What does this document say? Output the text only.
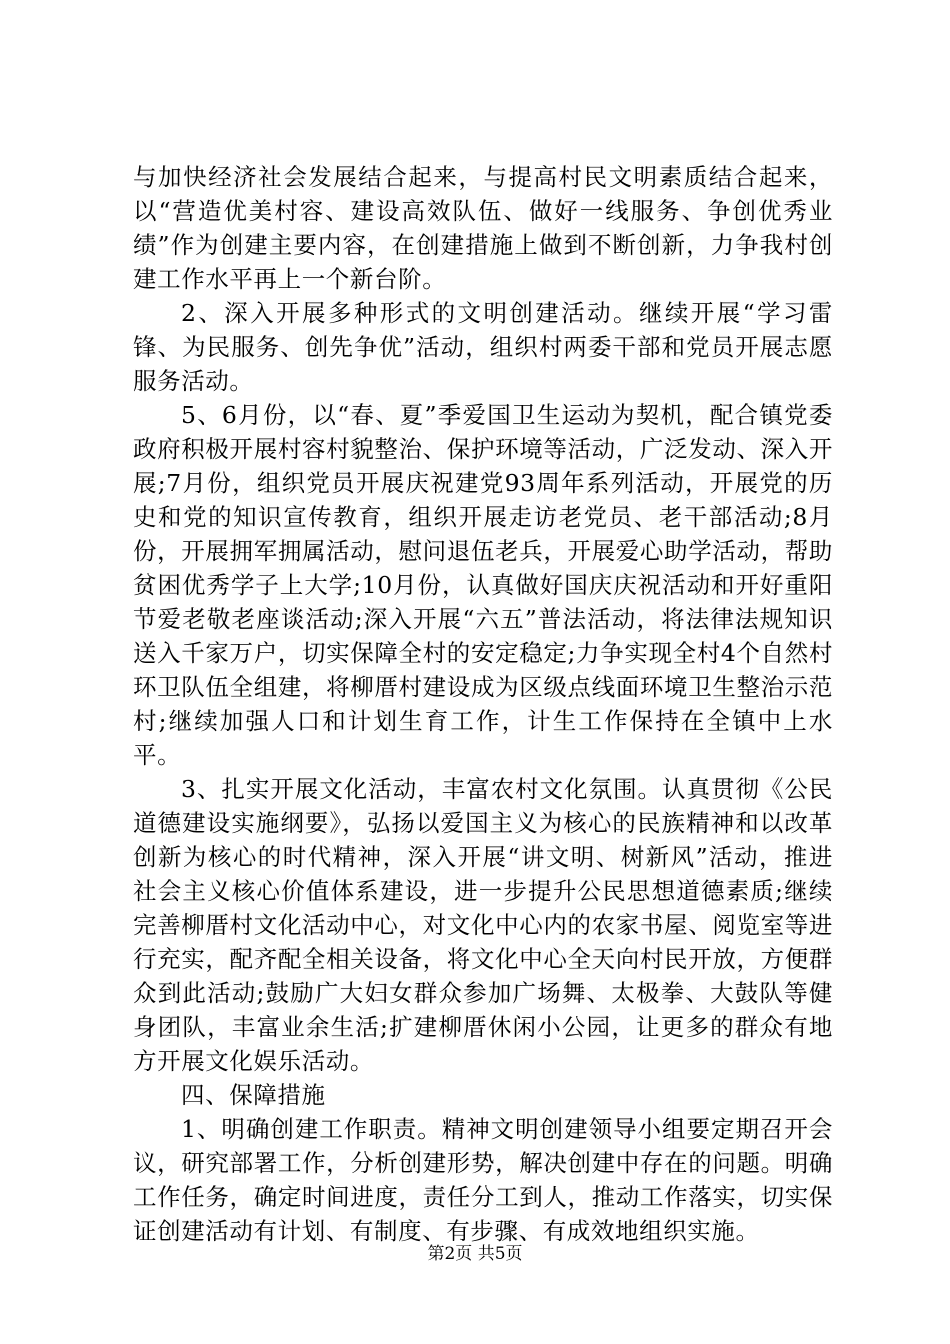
与加快经济社会发展结合起来，与提高村民文明素质结合起来，以“营造优美村容、建设高效队伍、做好一线服务、争创优秀业绩”作为创建主要内容，在创建措施上做到不断创新，力争我村创建工作水平再上一个新台阶。

2、深入开展多种形式的文明创建活动。继续开展“学习雷锋、为民服务、创先争优”活动，组织村两委干部和党员开展志愿服务活动。

5、6月份，以“春、夏”季爱国卫生运动为契机，配合镇党委政府积极开展村容村貌整治、保护环境等活动，广泛发动、深入开展;7月份，组织党员开展庆祝建党93周年系列活动，开展党的历史和党的知识宣传教育，组织开展走访老党员、老干部活动;8月份，开展拥军拥属活动，慰问退伍老兵，开展爱心助学活动，帮助贫困优秀学子上大学;10月份，认真做好国庆庆祝活动和开好重阳节爱老敬老座谈活动;深入开展“六五”普法活动，将法律法规知识送入千家万户，切实保障全村的安定稳定;力争实现全村4个自然村环卫队伍全组建，将柳厝村建设成为区级点线面环境卫生整治示范村;继续加强人口和计划生育工作，计生工作保持在全镇中上水平。

3、扎实开展文化活动，丰富农村文化氛围。认真贯彻《公民道德建设实施纲要》，弘扬以爱国主义为核心的民族精神和以改革创新为核心的时代精神，深入开展“讲文明、树新风”活动，推进社会主义核心价值体系建设，进一步提升公民思想道德素质;继续完善柳厝村文化活动中心，对文化中心内的农家书屋、阅览室等进行充实，配齐配全相关设备，将文化中心全天向村民开放，方便群众到此活动;鼓励广大妇女群众参加广场舞、太极拳、大鼓队等健身团队，丰富业余生活;扩建柳厝休闲小公园，让更多的群众有地方开展文化娱乐活动。

四、保障措施

1、明确创建工作职责。精神文明创建领导小组要定期召开会议，研究部署工作，分析创建形势，解决创建中存在的问题。明确工作任务，确定时间进度，责任分工到人，推动工作落实，切实保证创建活动有计划、有制度、有步骤、有成效地组织实施。

第2页 共5页
